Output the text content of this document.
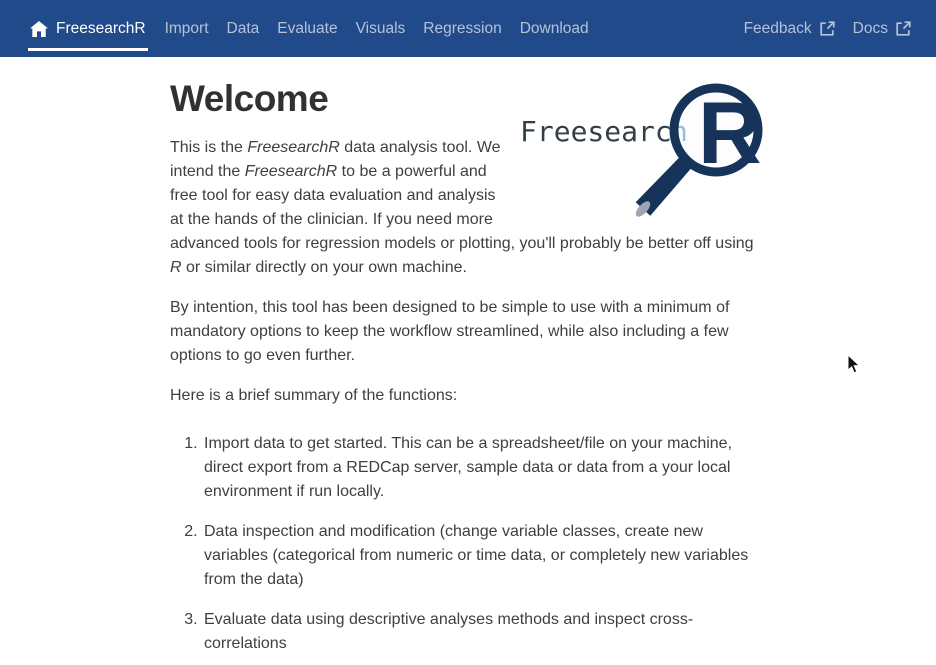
FreesearchR Import Data Evaluate Visuals Regression Download	Feedback	Docs
Freesearc h R
Welcome

This is the FreesearchR data analysis tool. We intend the FreesearchR to be a powerful and free tool for easy data evaluation and analysis at the hands of the clinician. If you need more advanced tools for regression models or plotting, you'll probably be better off using R or similar directly on your own machine.

By intention, this tool has been designed to be simple to use with a minimum of mandatory options to keep the workflow streamlined, while also including a few options to go even further.

Here is a brief summary of the functions:

1. Import data to get started. This can be a spreadsheet/file on your machine, direct export from a REDCap server, sample data or data from a your local environment if run locally.
2. Data inspection and modification (change variable classes, create new variables (categorical from numeric or time data, or completely new variables from the data)
3. Evaluate data using descriptive analyses methods and inspect cross-correlations
